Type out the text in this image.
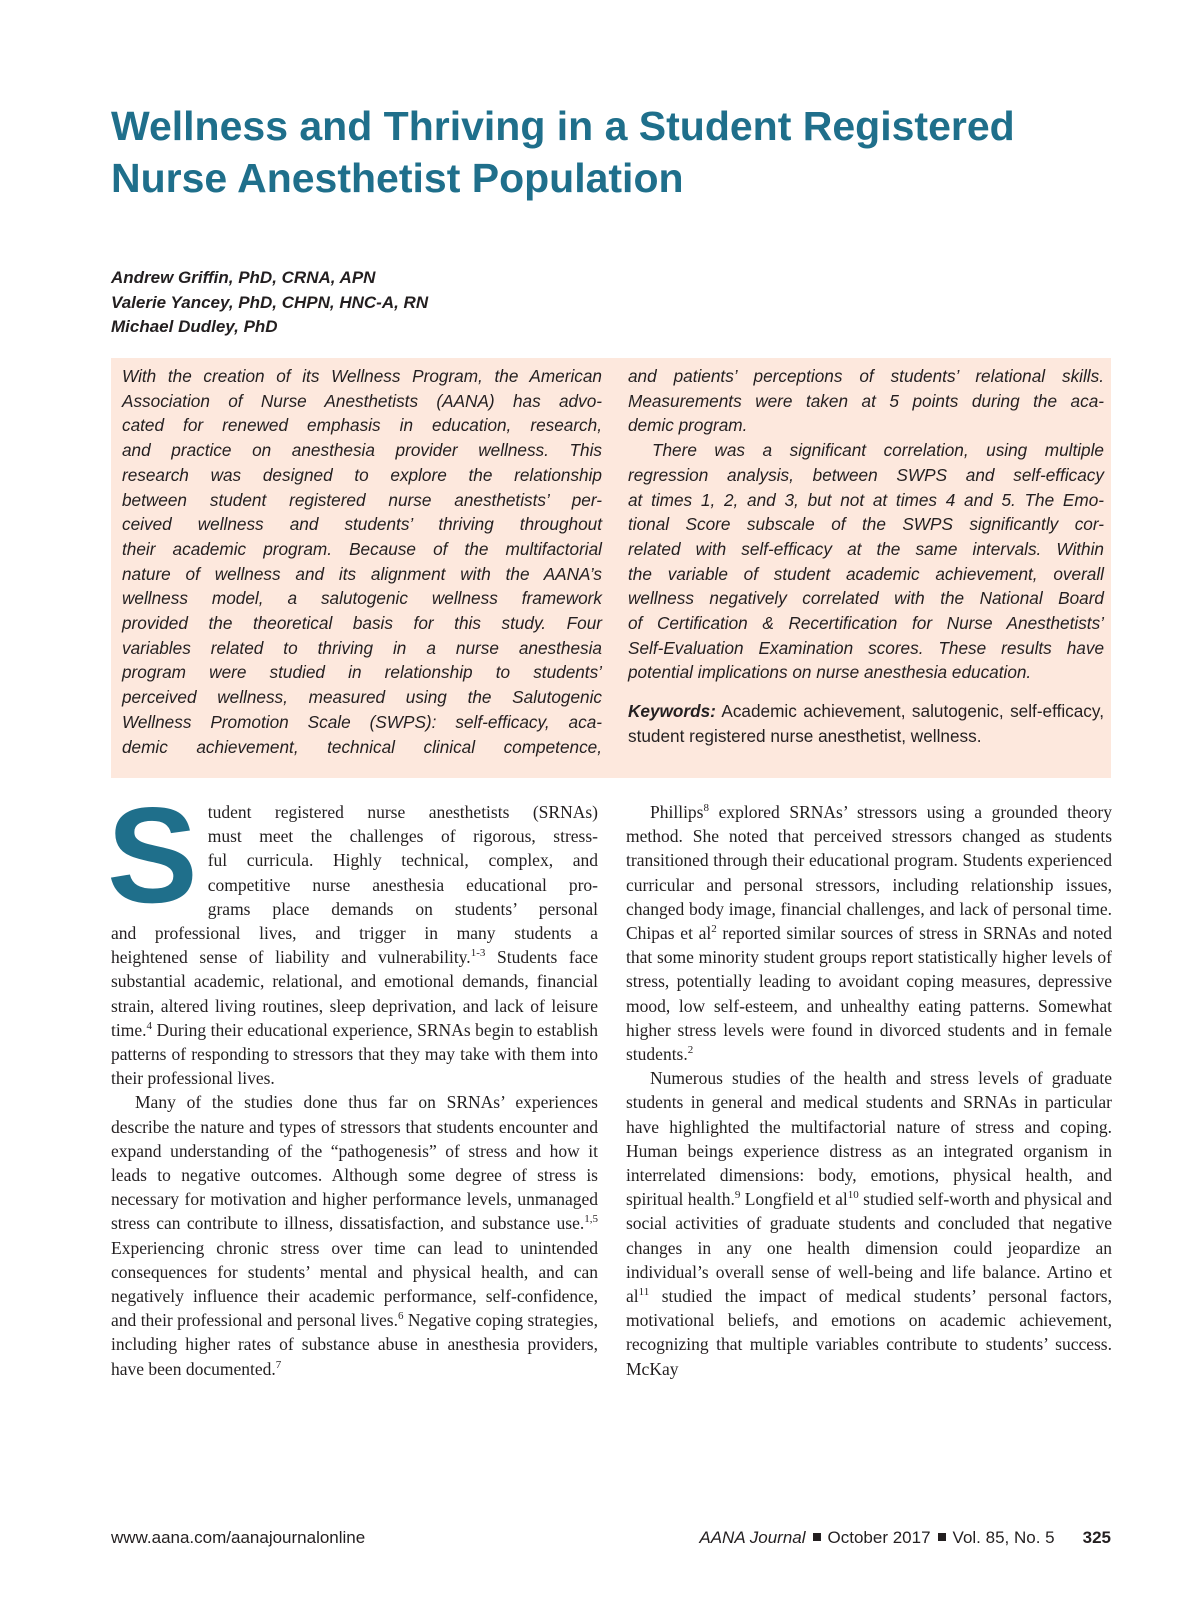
Wellness and Thriving in a Student Registered
Nurse Anesthetist Population
Andrew Griffin, PhD, CRNA, APN
Valerie Yancey, PhD, CHPN, HNC-A, RN
Michael Dudley, PhD

With the creation of its Wellness Program, the American
Association of Nurse Anesthetists (AANA) has advo-
cated for renewed emphasis in education, research,
and practice on anesthesia provider wellness. This
research was designed to explore the relationship
between student registered nurse anesthetists’ per-
ceived wellness and students’ thriving throughout
their academic program. Because of the multifactorial
nature of wellness and its alignment with the AANA’s
wellness model, a salutogenic wellness framework
provided the theoretical basis for this study. Four
variables related to thriving in a nurse anesthesia
program were studied in relationship to students’
perceived wellness, measured using the Salutogenic
Wellness Promotion Scale (SWPS): self-efficacy, aca-
demic achievement, technical clinical competence,

and patients’ perceptions of students’ relational skills.
Measurements were taken at 5 points during the aca-
demic program.

There was a significant correlation, using multiple
regression analysis, between SWPS and self-efficacy
at times 1, 2, and 3, but not at times 4 and 5. The Emo-
tional Score subscale of the SWPS significantly cor-
related with self-efficacy at the same intervals. Within
the variable of student academic achievement, overall
wellness negatively correlated with the National Board
of Certification & Recertification for Nurse Anesthetists’
Self-Evaluation Examination scores. These results have
potential implications on nurse anesthesia education.

Keywords: Academic achievement, salutogenic, self-efficacy, student registered nurse anesthetist, wellness.

S tudent registered nurse anesthetists (SRNAs)
must meet the challenges of rigorous, stress-
ful curricula. Highly technical, complex, and
competitive nurse anesthesia educational pro-
grams place demands on students’ personal
and professional lives, and trigger in many students a
heightened sense of liability and vulnerability.$^{1-3}$ Students face substantial academic, relational, and emotional demands, financial strain, altered living routines, sleep deprivation, and lack of leisure time.$^4$ During their educational experience, SRNAs begin to establish patterns of responding to stressors that they may take with them into their professional lives.

Many of the studies done thus far on SRNAs’ experiences describe the nature and types of stressors that students encounter and expand understanding of the “pathogenesis” of stress and how it leads to negative outcomes. Although some degree of stress is necessary for motivation and higher performance levels, unmanaged stress can contribute to illness, dissatisfaction, and substance use.$^{1,5}$ Experiencing chronic stress over time can lead to unintended consequences for students’ mental and physical health, and can negatively influence their academic performance, self-confidence, and their professional and personal lives.$^6$ Negative coping strategies, including higher rates of substance abuse in anesthesia providers, have been documented.$^7$

Phillips$^8$ explored SRNAs’ stressors using a grounded theory method. She noted that perceived stressors changed as students transitioned through their educational program. Students experienced curricular and personal stressors, including relationship issues, changed body image, financial challenges, and lack of personal time. Chipas et $al^2$ reported similar sources of stress in SRNAs and noted that some minority student groups report statistically higher levels of stress, potentially leading to avoidant coping measures, depressive mood, low self-esteem, and unhealthy eating patterns. Somewhat higher stress levels were found in divorced students and in female students.$^2$

Numerous studies of the health and stress levels of graduate students in general and medical students and SRNAs in particular have highlighted the multifactorial nature of stress and coping. Human beings experience distress as an integrated organism in interrelated dimensions: body, emotions, physical health, and spiritual health.$^9$ Longfield et $al^{10}$ studied self-worth and physical and social activities of graduate students and concluded that negative changes in any one health dimension could jeopardize an individual’s overall sense of well-being and life balance. Artino et $al^{11}$ studied the impact of medical students’ personal factors, motivational beliefs, and emotions on academic achievement, recognizing that multiple variables contribute to students’ success. McKay

www.aana.com/aanajournalonline	AANA Journal October 2017 Vol. 85, No. 5 325
